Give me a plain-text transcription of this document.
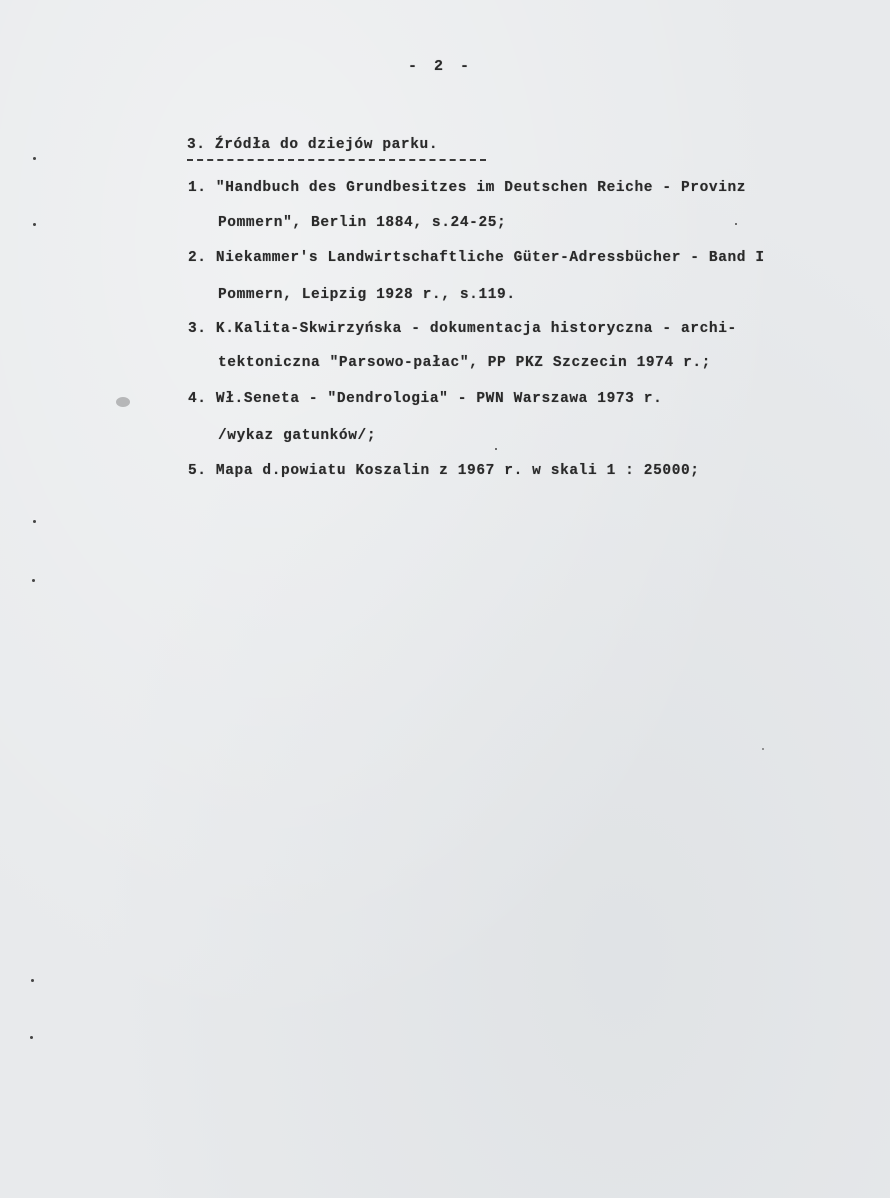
- 2 -
3. Źródła do dziejów parku.
1. "Handbuch des Grundbesitzes im Deutschen Reiche - Provinz
Pommern", Berlin 1884, s.24-25;
2. Niekammer's Landwirtschaftliche Güter-Adressbücher - Band I
Pommern, Leipzig 1928 r., s.119.
3. K.Kalita-Skwirzyńska - dokumentacja historyczna - archi-
tektoniczna "Parsowo-pałac", PP PKZ Szczecin 1974 r.;
4. Wł.Seneta - "Dendrologia" - PWN Warszawa 1973 r.
/wykaz gatunków/;
5. Mapa d.powiatu Koszalin z 1967 r. w skali 1 : 25000;
